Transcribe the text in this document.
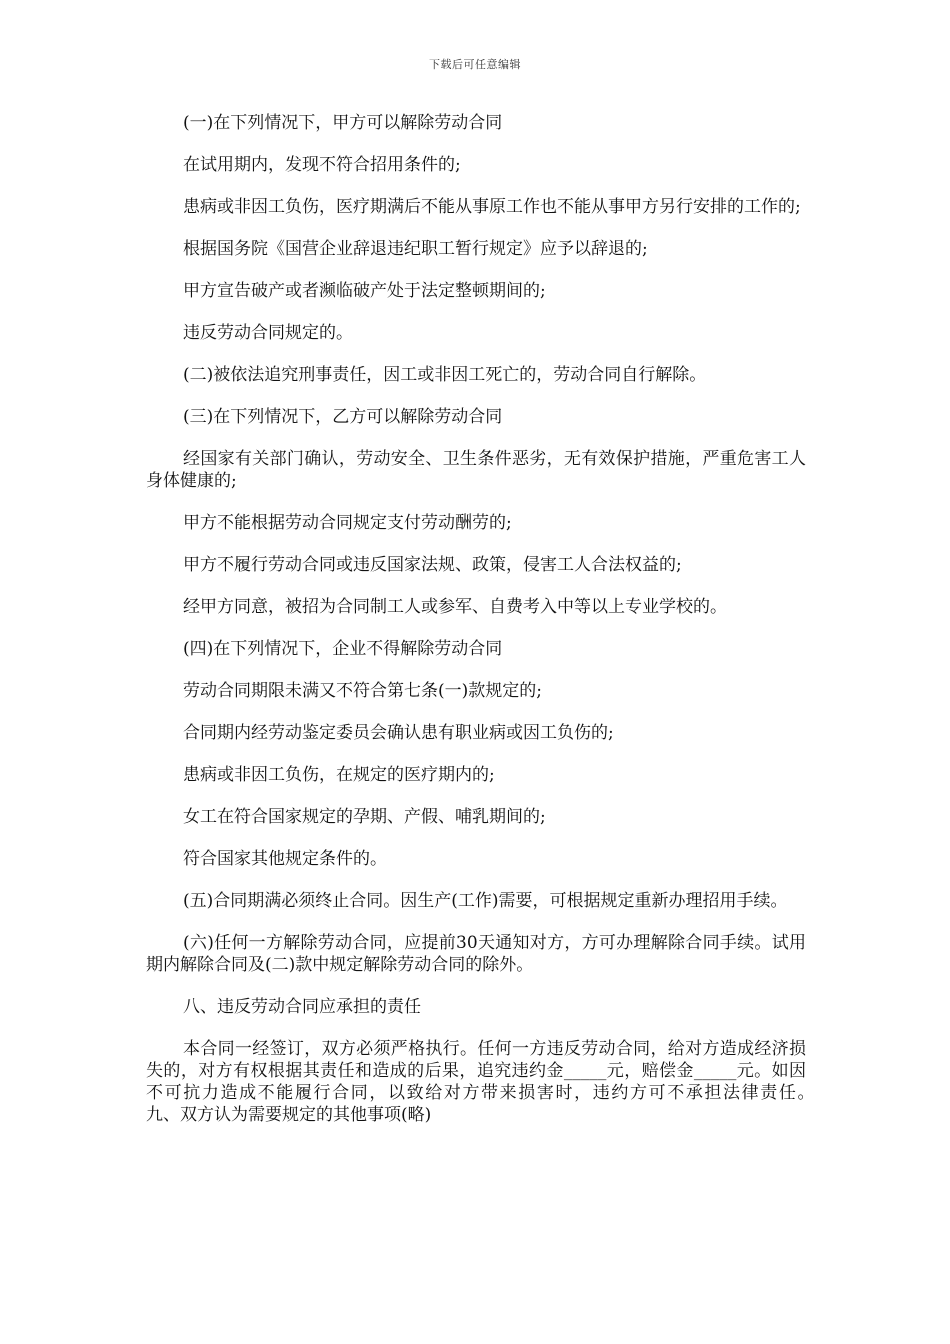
下载后可任意编辑

(一)在下列情况下，甲方可以解除劳动合同

在试用期内，发现不符合招用条件的;

患病或非因工负伤，医疗期满后不能从事原工作也不能从事甲方另行安排的工作的;

根据国务院《国营企业辞退违纪职工暂行规定》应予以辞退的;

甲方宣告破产或者濒临破产处于法定整顿期间的;

违反劳动合同规定的。

(二)被依法追究刑事责任，因工或非因工死亡的，劳动合同自行解除。

(三)在下列情况下，乙方可以解除劳动合同

经国家有关部门确认，劳动安全、卫生条件恶劣，无有效保护措施，严重危害工人身体健康的;

甲方不能根据劳动合同规定支付劳动酬劳的;

甲方不履行劳动合同或违反国家法规、政策，侵害工人合法权益的;

经甲方同意，被招为合同制工人或参军、自费考入中等以上专业学校的。

(四)在下列情况下，企业不得解除劳动合同

劳动合同期限未满又不符合第七条(一)款规定的;

合同期内经劳动鉴定委员会确认患有职业病或因工负伤的;

患病或非因工负伤，在规定的医疗期内的;

女工在符合国家规定的孕期、产假、哺乳期间的;

符合国家其他规定条件的。

(五)合同期满必须终止合同。因生产(工作)需要，可根据规定重新办理招用手续。

(六)任何一方解除劳动合同，应提前30天通知对方，方可办理解除合同手续。试用期内解除合同及(二)款中规定解除劳动合同的除外。

八、违反劳动合同应承担的责任

本合同一经签订，双方必须严格执行。任何一方违反劳动合同，给对方造成经济损失的，对方有权根据其责任和造成的后果，追究违约金_____元，赔偿金_____元。如因不可抗力造成不能履行合同，以致给对方带来损害时，违约方可不承担法律责任。　　九、双方认为需要规定的其他事项(略)
